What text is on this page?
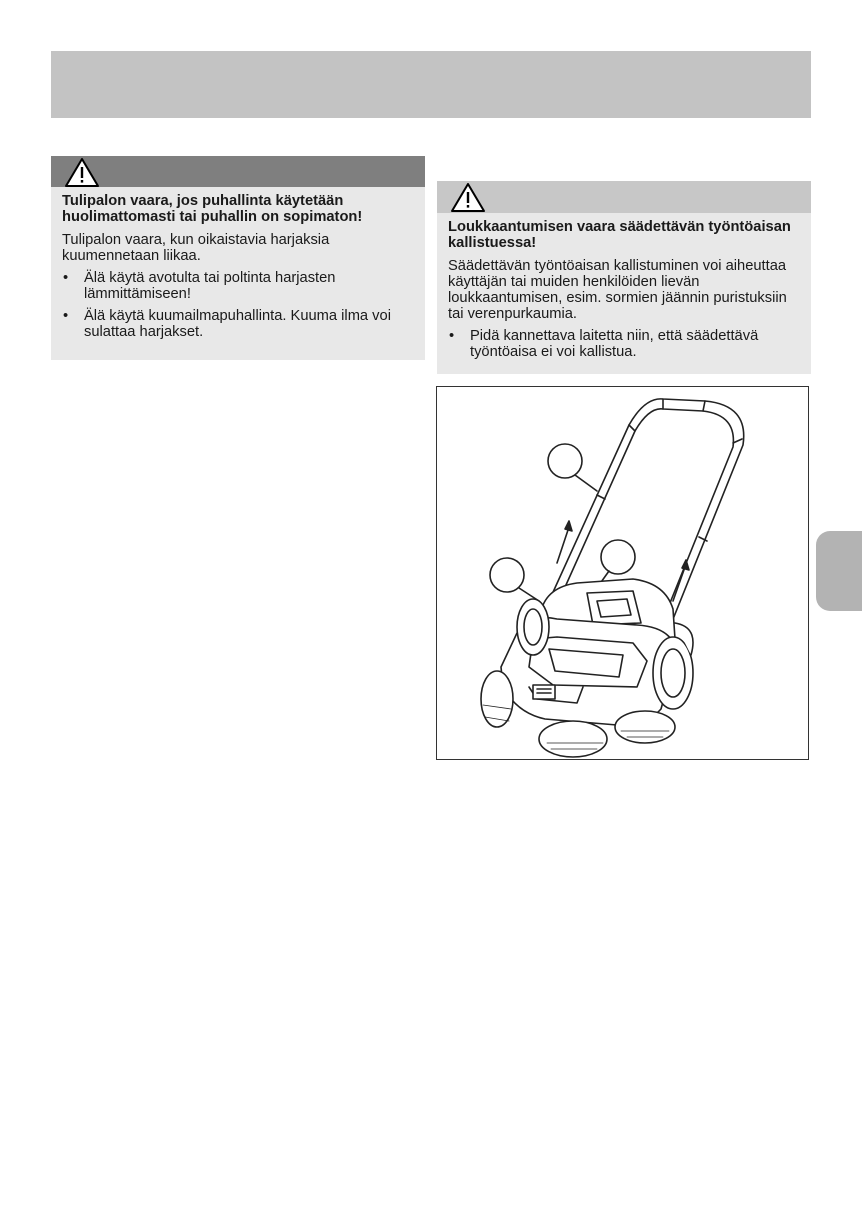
Tulipalon vaara, jos puhallinta käytetään huolimattomasti tai puhallin on sopimaton!

Tulipalon vaara, kun oikaistavia harjaksia kuumennetaan liikaa.

• Älä käytä avotulta tai poltinta harjasten lämmittämiseen!
• Älä käytä kuumailmapuhallinta. Kuuma ilma voi sulattaa harjakset.

Loukkaantumisen vaara säädettävän työntöaisan kallistuessa!

Säädettävän työntöaisan kallistuminen voi aiheuttaa käyttäjän tai muiden henkilöiden lievän loukkaantumisen, esim. sormien jäännin puristuksiin tai verenpurkaumia.

• Pidä kannettava laitetta niin, että säädettävä työntöaisa ei voi kallistua.
